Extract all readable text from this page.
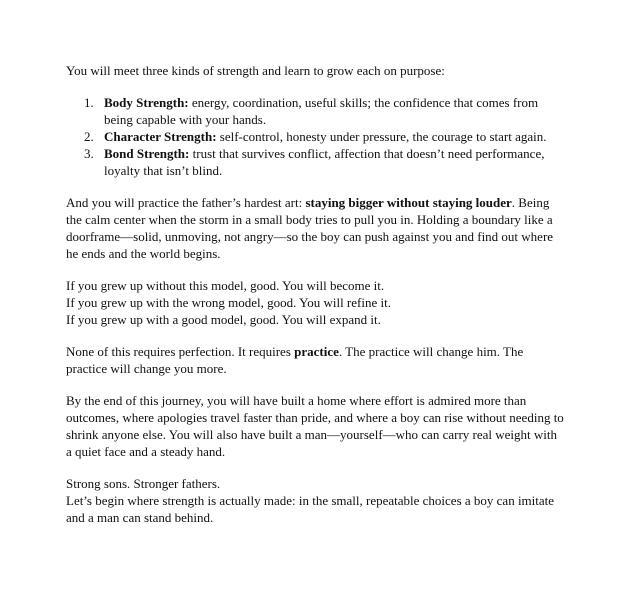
You will meet three kinds of strength and learn to grow each on purpose:

1. Body Strength: energy, coordination, useful skills; the confidence that comes from being capable with your hands.
2. Character Strength: self-control, honesty under pressure, the courage to start again.
3. Bond Strength: trust that survives conflict, affection that doesn’t need performance, loyalty that isn’t blind.

And you will practice the father’s hardest art: staying bigger without staying louder. Being the calm center when the storm in a small body tries to pull you in. Holding a boundary like a doorframe—solid, unmoving, not angry—so the boy can push against you and find out where he ends and the world begins.

If you grew up without this model, good. You will become it.
If you grew up with the wrong model, good. You will refine it.
If you grew up with a good model, good. You will expand it.

None of this requires perfection. It requires practice. The practice will change him. The practice will change you more.

By the end of this journey, you will have built a home where effort is admired more than outcomes, where apologies travel faster than pride, and where a boy can rise without needing to shrink anyone else. You will also have built a man—yourself—who can carry real weight with a quiet face and a steady hand.

Strong sons. Stronger fathers.
Let’s begin where strength is actually made: in the small, repeatable choices a boy can imitate and a man can stand behind.
